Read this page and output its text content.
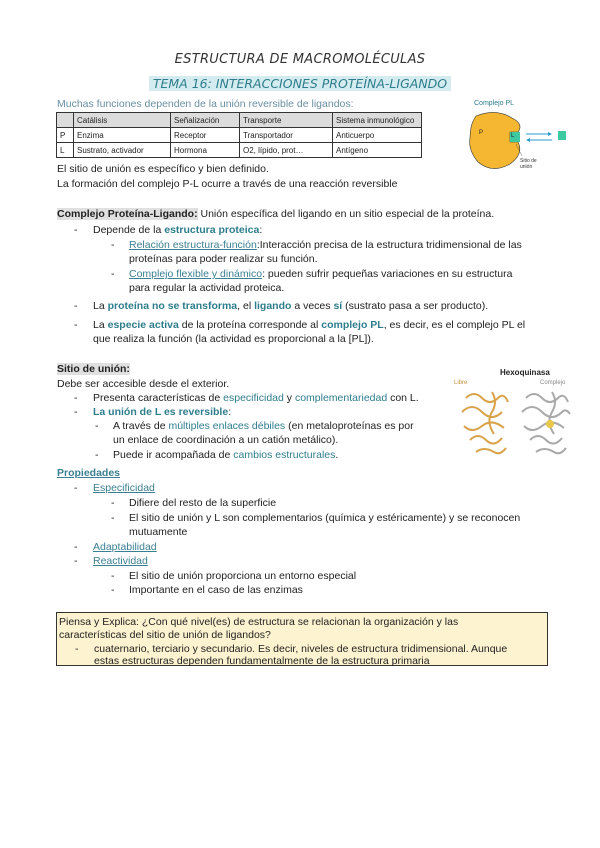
ESTRUCTURA DE MACROMOLÉCULAS
TEMA 16: INTERACCIONES PROTEÍNA-LIGANDO
Muchas funciones dependen de la unión reversible de ligandos:
	Catálisis	Señalización	Transporte	Sistema inmunológico
P	Enzima	Receptor	Transportador	Anticuerpo
L	Sustrato, activador	Hormona	O2, lípido, prot…	Antígeno
Complejo PL
P	L
Sitio de unión
El sitio de unión es específico y bien definido.
La formación del complejo P-L ocurre a través de una reacción reversible
Complejo Proteína-Ligando: Unión específica del ligando en un sitio especial de la proteína.
- Depende de la estructura proteica:
- Relación estructura-función:Interacción precisa de la estructura tridimensional de las
proteínas para poder realizar su función.
- Complejo flexible y dinámico: pueden sufrir pequeñas variaciones en su estructura
para regular la actividad proteica.
- La proteína no se transforma, el ligando a veces sí (sustrato pasa a ser producto).
- La especie activa de la proteína corresponde al complejo PL, es decir, es el complejo PL el
que realiza la función (la actividad es proporcional a la [PL]).
Sitio de unión:
Debe ser accesible desde el exterior.
- Presenta características de especificidad y complementariedad con L.
- La unión de L es reversible:
- A través de múltiples enlaces débiles (en metaloproteínas es por
un enlace de coordinación a un catión metálico).
- Puede ir acompañada de cambios estructurales.
Hexoquinasa
Libre	Complejo
Propiedades
- Especificidad
- Difiere del resto de la superficie
- El sitio de unión y L son complementarios (química y estéricamente) y se reconocen
mutuamente
- Adaptabilidad
- Reactividad
- El sitio de unión proporciona un entorno especial
- Importante en el caso de las enzimas
Piensa y Explica: ¿Con qué nivel(es) de estructura se relacionan la organización y las
características del sitio de unión de ligandos?
- cuaternario, terciario y secundario. Es decir, niveles de estructura tridimensional. Aunque
estas estructuras dependen fundamentalmente de la estructura primaria
